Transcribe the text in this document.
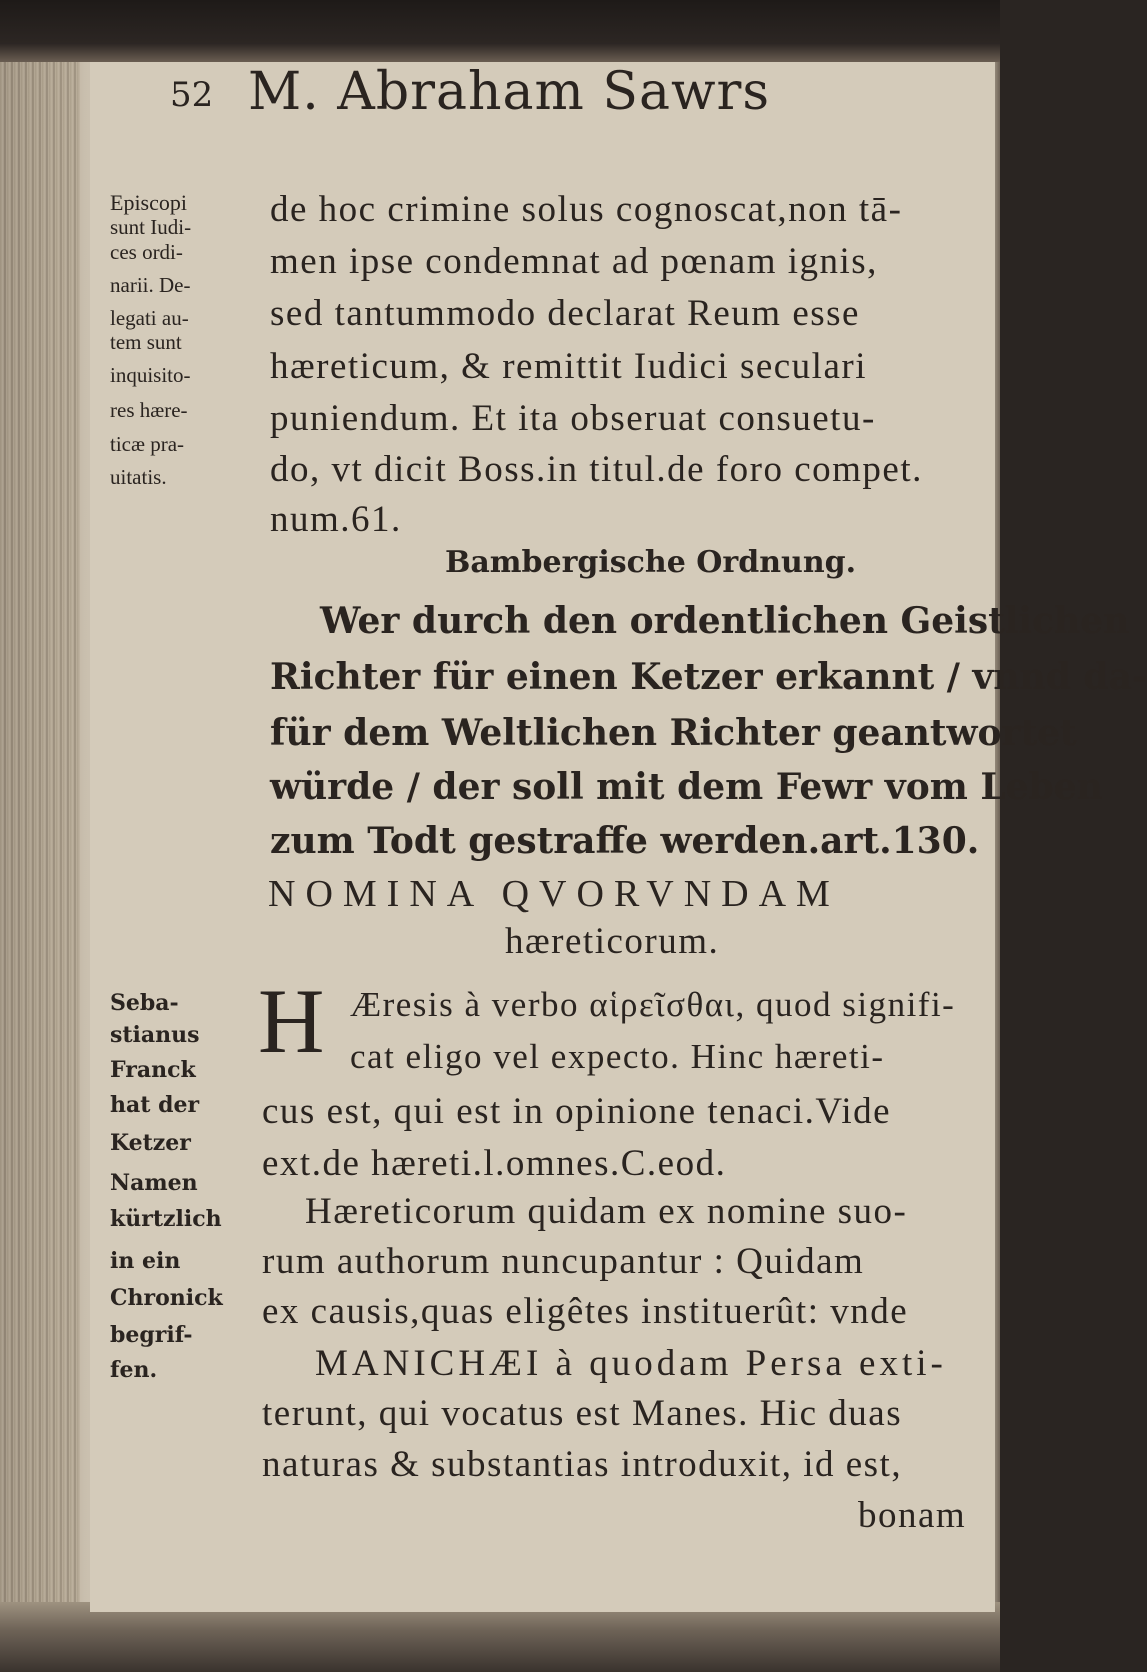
52 M. Abraham Sawrs
Episcopi
sunt Iudi-
ces ordi-
narii. De-
legati au-
tem sunt
inquisito-
res hære-
ticæ pra-
uitatis.
de hoc crimine solus cognoscat,non tā-
men ipse condemnat ad pœnam ignis,
sed tantummodo declarat Reum esse
hæreticum, & remittit Iudici seculari
puniendum. Et ita obseruat consuetu-
do, vt dicit Boss.in titul.de foro compet.
num.61.
Bambergische Ordnung.
Wer durch den ordentlichen Geistlichen
Richter für einen Ketzer erkannt / vnnd da-
für dem Weltlichen Richter geantwortet
würde / der soll mit dem Fewr vom Leben
zum Todt gestraffe werden.art.130.
NOMINA QVORVNDAM
hæreticorum.
H Æresis à verbo αἱρεῖσθαι, quod signifi-
cat eligo vel expecto. Hinc hæreti-
cus est, qui est in opinione tenaci.Vide
ext.de hæreti.l.omnes.C.eod.
Hæreticorum quidam ex nomine suo-
rum authorum nuncupantur : Quidam
ex causis,quas eligêtes instituerût: vnde
MANICHÆI à quodam Persa exti-
terunt, qui vocatus est Manes. Hic duas
naturas & substantias introduxit, id est,
bonam
Seba-
stianus
Franck
hat der
Ketzer
Namen
kürtzlich
in ein
Chronick
begrif-
fen.
